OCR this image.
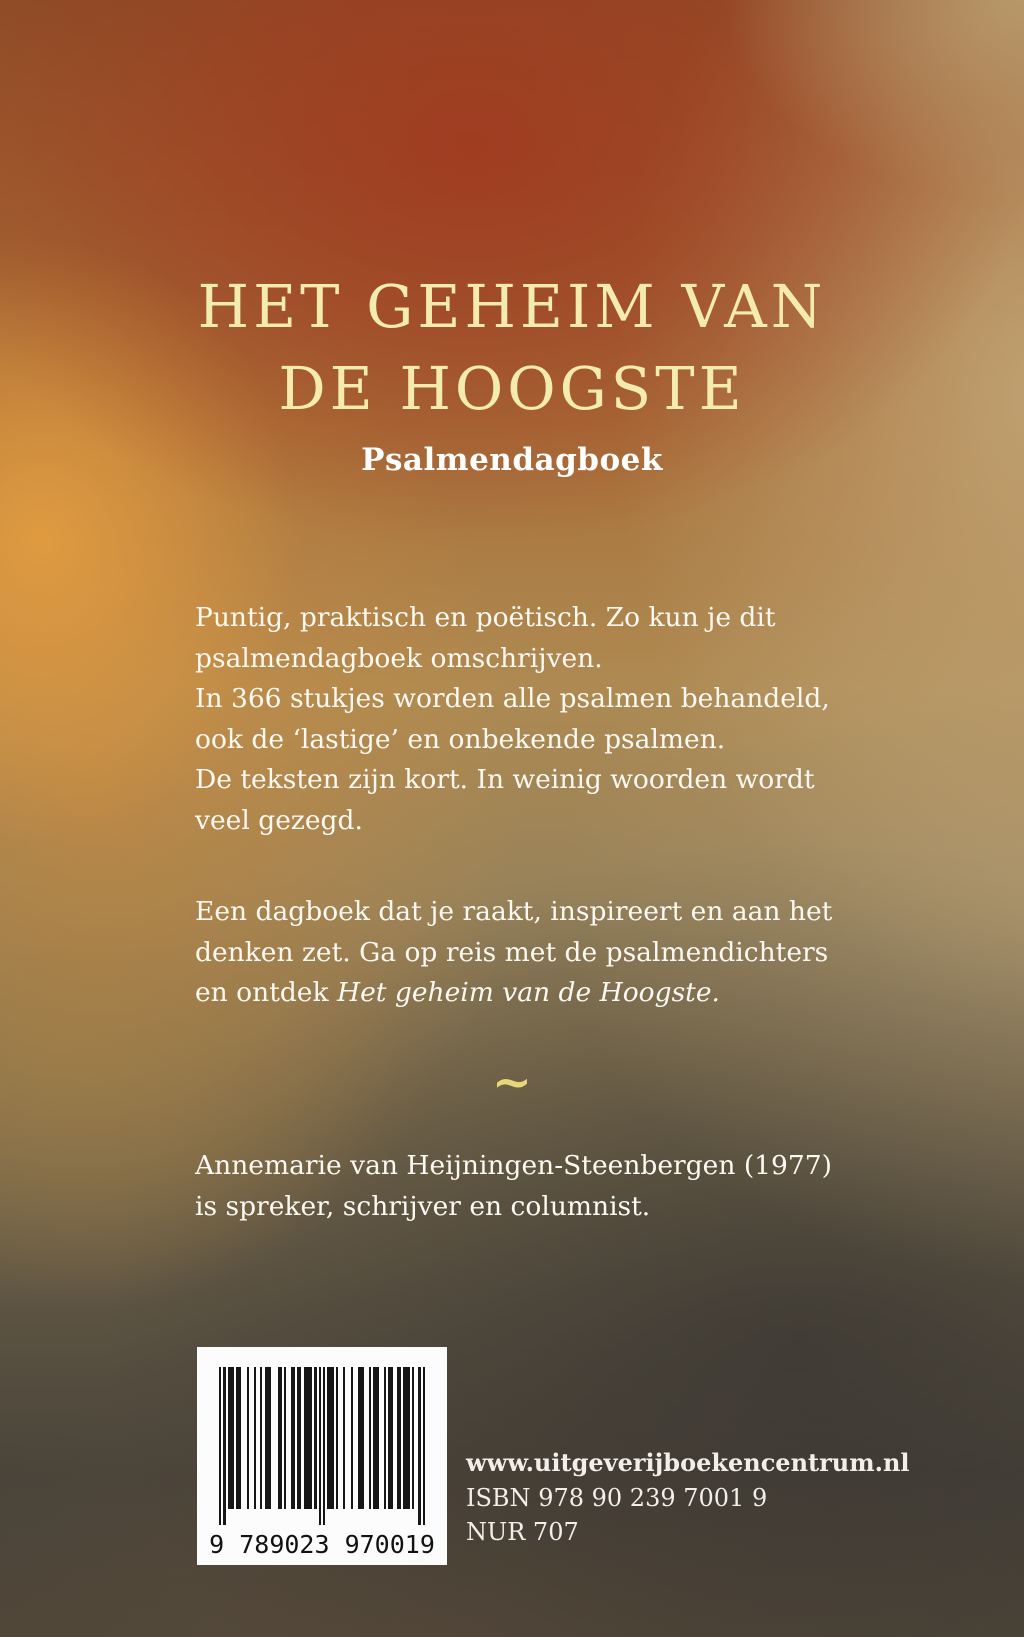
HET GEHEIM VAN
DE HOOGSTE
Psalmendagboek
Puntig, praktisch en poëtisch. Zo kun je dit
psalmendagboek omschrijven.
In 366 stukjes worden alle psalmen behandeld,
ook de ‘lastige’ en onbekende psalmen.
De teksten zijn kort. In weinig woorden wordt
veel gezegd.
Een dagboek dat je raakt, inspireert en aan het
denken zet. Ga op reis met de psalmendichters
en ontdek Het geheim van de Hoogste.
~
Annemarie van Heijningen-Steenbergen (1977)
is spreker, schrijver en columnist.
9 789023 970019
www.uitgeverijboekencentrum.nl
ISBN 978 90 239 7001 9
NUR 707
